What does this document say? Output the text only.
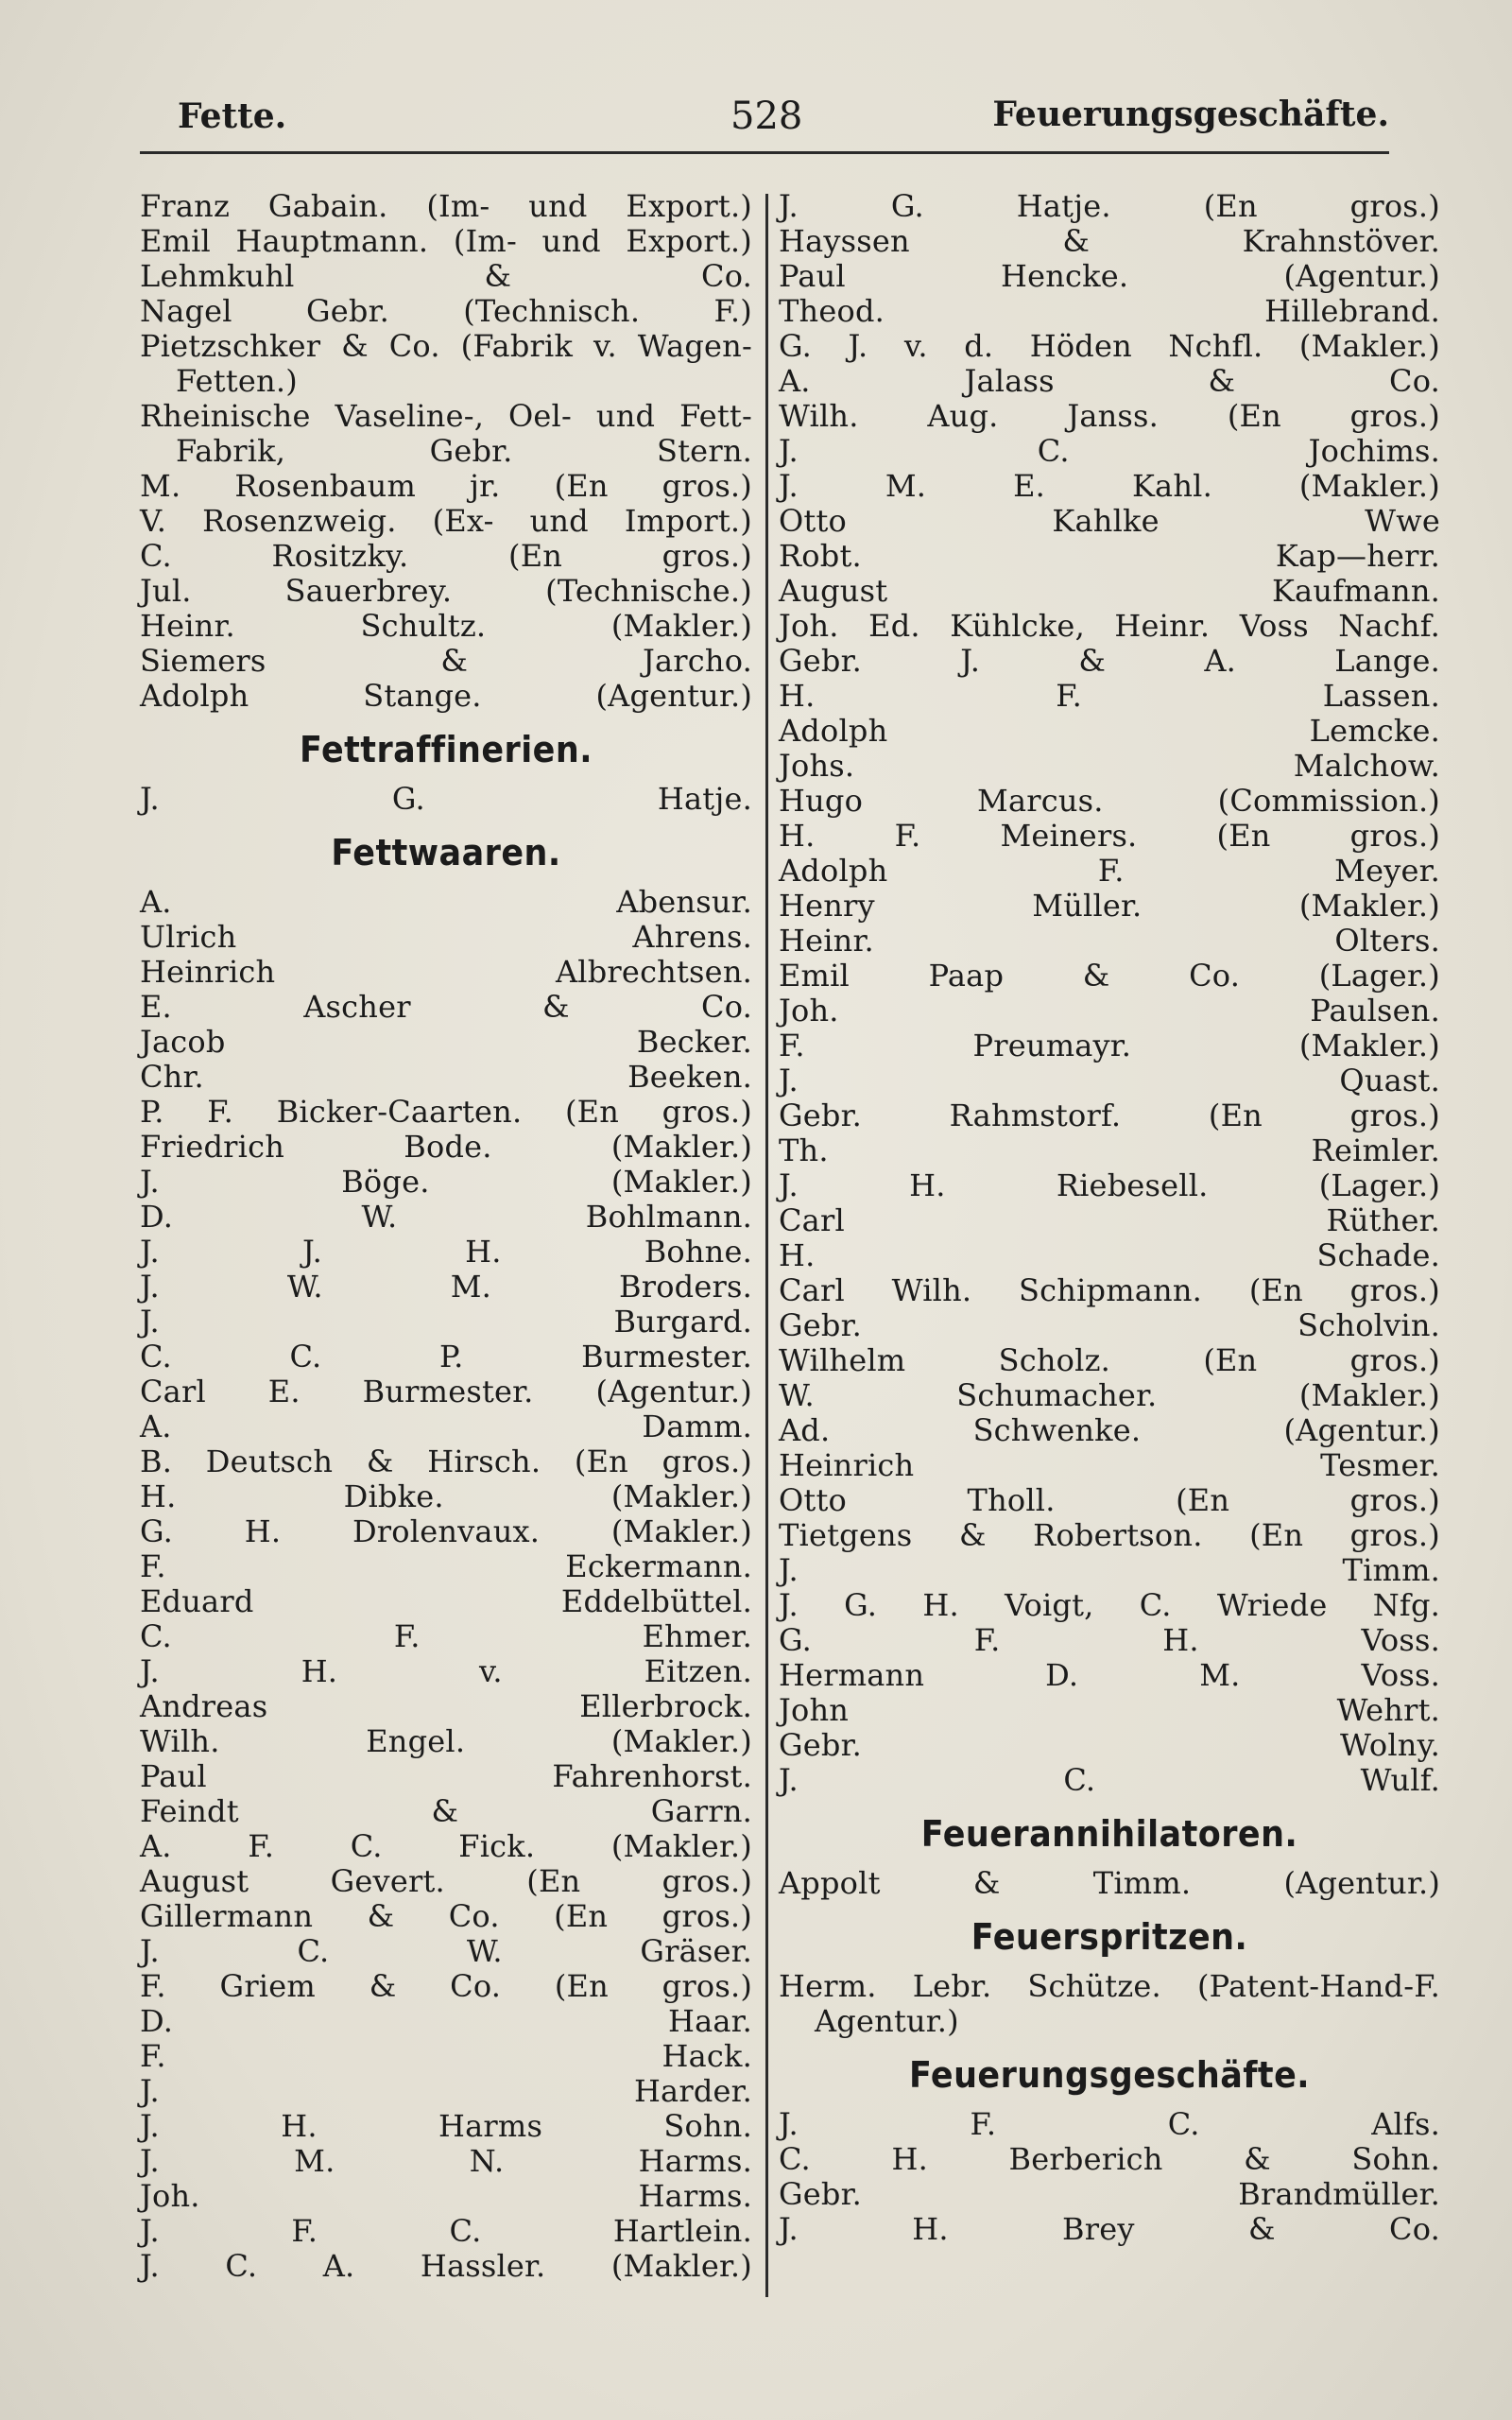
Fette.	528	Feuerungsgeschäfte.
Franz Gabain. (Im- und Export.)
Emil Hauptmann. (Im- und Export.)
Lehmkuhl & Co.
Nagel Gebr. (Technisch. F.)
Pietzschker & Co. (Fabrik v. Wagen-Fetten.)
Rheinische Vaseline-, Oel- und Fett-Fabrik, Gebr. Stern.
M. Rosenbaum jr. (En gros.)
V. Rosenzweig. (Ex- und Import.)
C. Rositzky. (En gros.)
Jul. Sauerbrey. (Technische.)
Heinr. Schultz. (Makler.)
Siemers & Jarcho.
Adolph Stange. (Agentur.)
Fettraffinerien.
J. G. Hatje.
Fettwaaren.
A. Abensur.
Ulrich Ahrens.
Heinrich Albrechtsen.
E. Ascher & Co.
Jacob Becker.
Chr. Beeken.
P. F. Bicker-Caarten. (En gros.)
Friedrich Bode. (Makler.)
J. Böge. (Makler.)
D. W. Bohlmann.
J. J. H. Bohne.
J. W. M. Broders.
J. Burgard.
C. C. P. Burmester.
Carl E. Burmester. (Agentur.)
A. Damm.
B. Deutsch & Hirsch. (En gros.)
H. Dibke. (Makler.)
G. H. Drolenvaux. (Makler.)
F. Eckermann.
Eduard Eddelbüttel.
C. F. Ehmer.
J. H. v. Eitzen.
Andreas Ellerbrock.
Wilh. Engel. (Makler.)
Paul Fahrenhorst.
Feindt & Garrn.
A. F. C. Fick. (Makler.)
August Gevert. (En gros.)
Gillermann & Co. (En gros.)
J. C. W. Gräser.
F. Griem & Co. (En gros.)
D. Haar.
F. Hack.
J. Harder.
J. H. Harms Sohn.
J. M. N. Harms.
Joh. Harms.
J. F. C. Hartlein.
J. C. A. Hassler. (Makler.)
J. G. Hatje. (En gros.)
Hayssen & Krahnstöver.
Paul Hencke. (Agentur.)
Theod. Hillebrand.
G. J. v. d. Höden Nchfl. (Makler.)
A. Jalass & Co.
Wilh. Aug. Janss. (En gros.)
J. C. Jochims.
J. M. E. Kahl. (Makler.)
Otto Kahlke Wwe
Robt. Kap—herr.
August Kaufmann.
Joh. Ed. Kühlcke, Heinr. Voss Nachf.
Gebr. J. & A. Lange.
H. F. Lassen.
Adolph Lemcke.
Johs. Malchow.
Hugo Marcus. (Commission.)
H. F. Meiners. (En gros.)
Adolph F. Meyer.
Henry Müller. (Makler.)
Heinr. Olters.
Emil Paap & Co. (Lager.)
Joh. Paulsen.
F. Preumayr. (Makler.)
J. Quast.
Gebr. Rahmstorf. (En gros.)
Th. Reimler.
J. H. Riebesell. (Lager.)
Carl Rüther.
H. Schade.
Carl Wilh. Schipmann. (En gros.)
Gebr. Scholvin.
Wilhelm Scholz. (En gros.)
W. Schumacher. (Makler.)
Ad. Schwenke. (Agentur.)
Heinrich Tesmer.
Otto Tholl. (En gros.)
Tietgens & Robertson. (En gros.)
J. Timm.
J. G. H. Voigt, C. Wriede Nfg.
G. F. H. Voss.
Hermann D. M. Voss.
John Wehrt.
Gebr. Wolny.
J. C. Wulf.
Feuerannihilatoren.
Appolt & Timm. (Agentur.)
Feuerspritzen.
Herm. Lebr. Schütze. (Patent-Hand-F. Agentur.)
Feuerungsgeschäfte.
J. F. C. Alfs.
C. H. Berberich & Sohn.
Gebr. Brandmüller.
J. H. Brey & Co.
